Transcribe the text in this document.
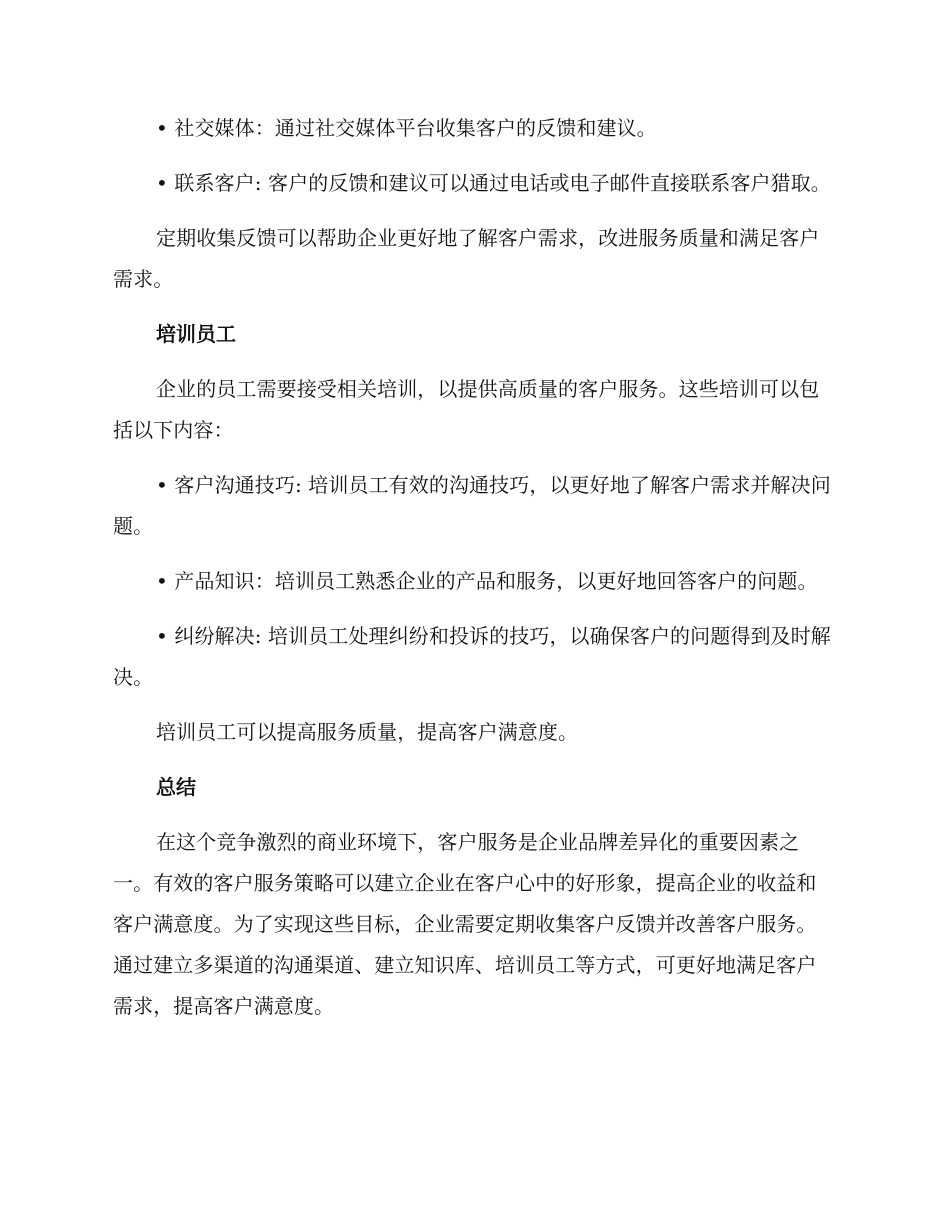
• 社交媒体：通过社交媒体平台收集客户的反馈和建议。

• 联系客户: 客户的反馈和建议可以通过电话或电子邮件直接联系客户猎取。

定期收集反馈可以帮助企业更好地了解客户需求，改进服务质量和满足客户需求。

培训员工

企业的员工需要接受相关培训，以提供高质量的客户服务。这些培训可以包括以下内容：

• 客户沟通技巧: 培训员工有效的沟通技巧，以更好地了解客户需求并解决问题。

• 产品知识：培训员工熟悉企业的产品和服务，以更好地回答客户的问题。

• 纠纷解决: 培训员工处理纠纷和投诉的技巧，以确保客户的问题得到及时解决。

培训员工可以提高服务质量，提高客户满意度。

总结

在这个竞争激烈的商业环境下，客户服务是企业品牌差异化的重要因素之一。有效的客户服务策略可以建立企业在客户心中的好形象，提高企业的收益和客户满意度。为了实现这些目标，企业需要定期收集客户反馈并改善客户服务。通过建立多渠道的沟通渠道、建立知识库、培训员工等方式，可更好地满足客户需求，提高客户满意度。
